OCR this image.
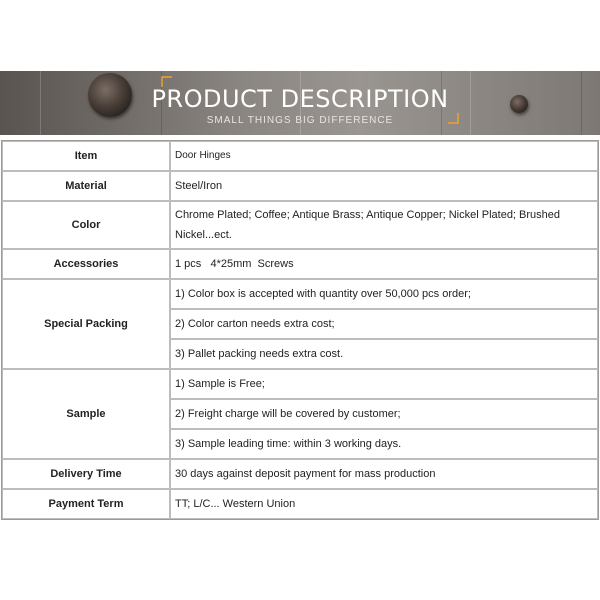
PRODUCT DESCRIPTION
SMALL THINGS BIG DIFFERENCE
Item	Door Hinges
Material	Steel/Iron
Color	Chrome Plated; Coffee; Antique Brass; Antique Copper; Nickel Plated; Brushed Nickel...ect.
Accessories	1 pcs   4*25mm  Screws
Special Packing	1) Color box is accepted with quantity over 50,000 pcs order;
	2) Color carton needs extra cost;
	3) Pallet packing needs extra cost.
Sample	1) Sample is Free;
	2) Freight charge will be covered by customer;
	3) Sample leading time: within 3 working days.
Delivery Time	30 days against deposit payment for mass production
Payment Term	TT; L/C... Western Union
